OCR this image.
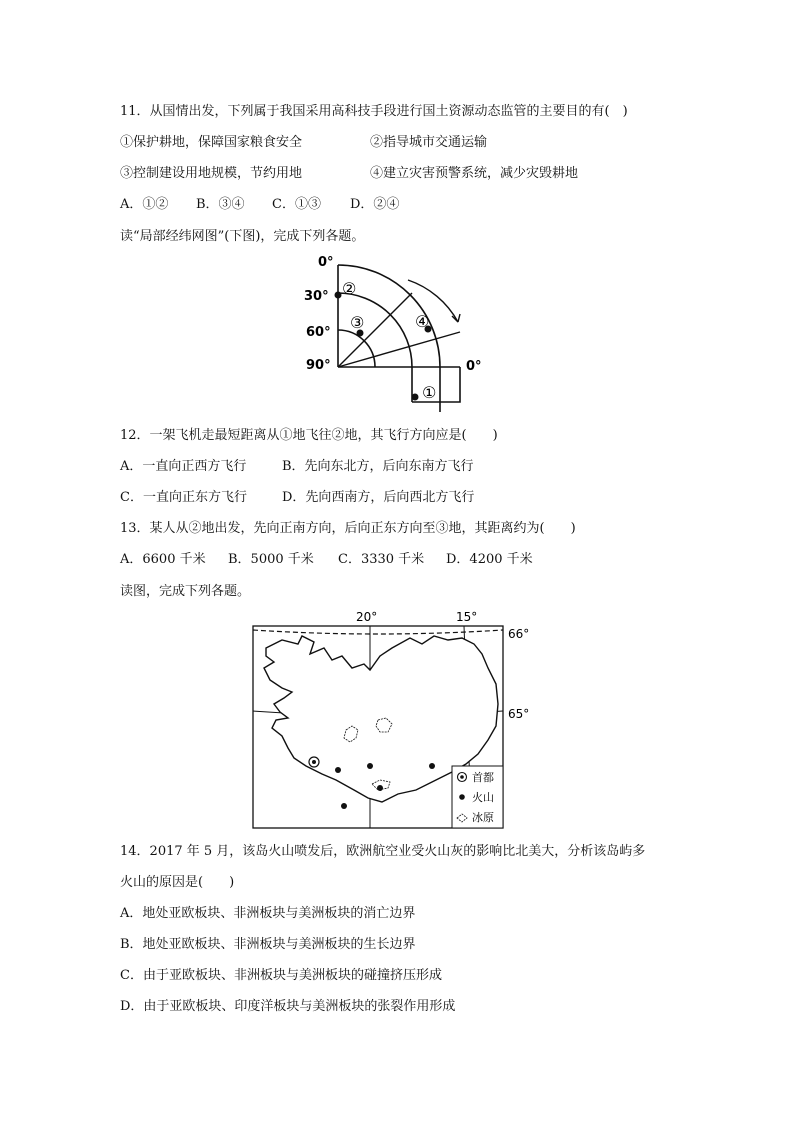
11．从国情出发，下列属于我国采用高科技手段进行国土资源动态监管的主要目的有(　)
①保护耕地，保障国家粮食安全	②指导城市交通运输
③控制建设用地规模，节约用地	④建立灾害预警系统，减少灾毁耕地
A．①② B．③④ C．①③ D．②④
读“局部经纬网图”(下图)，完成下列各题。
0°
30°
60°
90°	0°
②
③	④
①
12．一架飞机走最短距离从①地飞往②地，其飞行方向应是(　　)
A．一直向正西方飞行	B．先向东北方，后向东南方飞行
C．一直向正东方飞行	D．先向西南方，后向西北方飞行
13．某人从②地出发，先向正南方向，后向正东方向至③地，其距离约为(　　)
A．6600 千米 B．5000 千米 C．3330 千米 D．4200 千米
读图，完成下列各题。
首都
火山
冰原
20°	15°
66°
65°
14．2017 年 5 月，该岛火山喷发后，欧洲航空业受火山灰的影响比北美大，分析该岛屿多
火山的原因是(　　)
A．地处亚欧板块、非洲板块与美洲板块的消亡边界
B．地处亚欧板块、非洲板块与美洲板块的生长边界
C．由于亚欧板块、非洲板块与美洲板块的碰撞挤压形成
D．由于亚欧板块、印度洋板块与美洲板块的张裂作用形成
